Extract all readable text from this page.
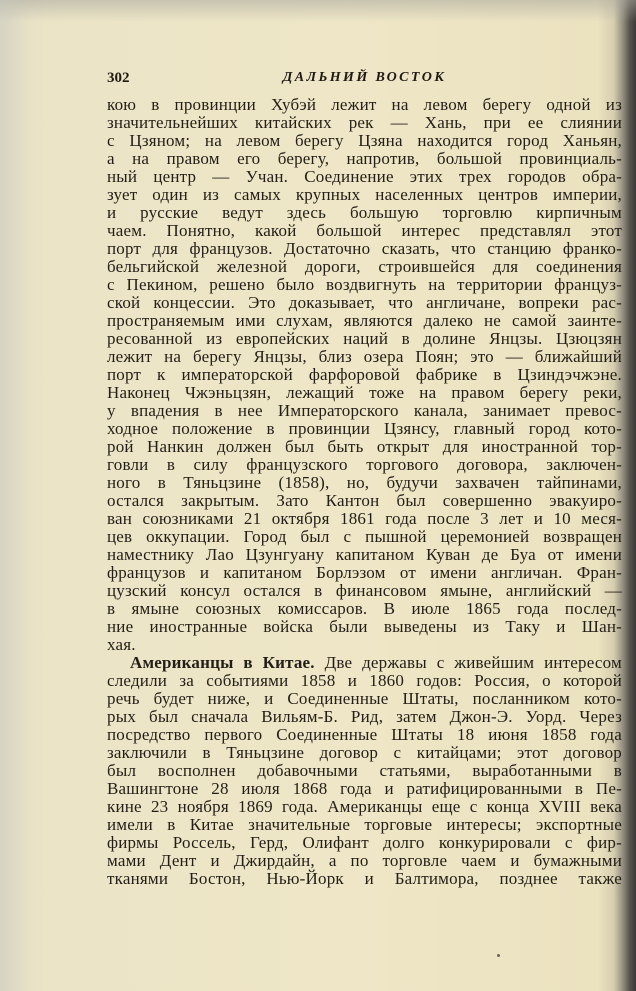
302	ДАЛЬНИЙ ВОСТОК
кою в провинции Хубэй лежит на левом берегу одной из
значительнейших китайских рек — Хань, при ее слиянии
с Цзяном; на левом берегу Цзяна находится город Ханьян,
а на правом его берегу, напротив, большой провинциаль-
ный центр — Учан. Соединение этих трех городов обра-
зует один из самых крупных населенных центров империи,
и русские ведут здесь большую торговлю кирпичным
чаем. Понятно, какой большой интерес представлял этот
порт для французов. Достаточно сказать, что станцию франко-
бельгийской железной дороги, строившейся для соединения
с Пекином, решено было воздвигнуть на территории француз-
ской концессии. Это доказывает, что англичане, вопреки рас-
пространяемым ими слухам, являются далеко не самой заинте-
ресованной из европейских наций в долине Янцзы. Цзюцзян
лежит на берегу Янцзы, близ озера Поян; это — ближайший
порт к императорской фарфоровой фабрике в Цзиндэчжэне.
Наконец Чжэньцзян, лежащий тоже на правом берегу реки,
у впадения в нее Императорского канала, занимает превос-
ходное положение в провинции Цзянсу, главный город кото-
рой Нанкин должен был быть открыт для иностранной тор-
говли в силу французского торгового договора, заключен-
ного в Тяньцзине (1858), но, будучи захвачен тайпинами,
остался закрытым. Зато Кантон был совершенно эвакуиро-
ван союзниками 21 октября 1861 года после 3 лет и 10 меся-
цев оккупации. Город был с пышной церемонией возвращен
наместнику Лао Цзунгуану капитаном Куван де Буа от имени
французов и капитаном Борлэзом от имени англичан. Фран-
цузский консул остался в финансовом ямыне, английский —
в ямыне союзных комиссаров. В июле 1865 года послед-
ние иностранные войска были выведены из Таку и Шан-
хая.
Американцы в Китае. Две державы с живейшим интересом
следили за событиями 1858 и 1860 годов: Россия, о которой
речь будет ниже, и Соединенные Штаты, посланником кото-
рых был сначала Вильям-Б. Рид, затем Джон-Э. Уорд. Через
посредство первого Соединенные Штаты 18 июня 1858 года
заключили в Тяньцзине договор с китайцами; этот договор
был восполнен добавочными статьями, выработанными в
Вашингтоне 28 июля 1868 года и ратифицированными в Пе-
кине 23 ноября 1869 года. Американцы еще с конца XVIII века
имели в Китае значительные торговые интересы; экспортные
фирмы Россель, Герд, Олифант долго конкурировали с фир-
мами Дент и Джирдайн, а по торговле чаем и бумажными
тканями Бостон, Нью-Йорк и Балтимора, позднее также
